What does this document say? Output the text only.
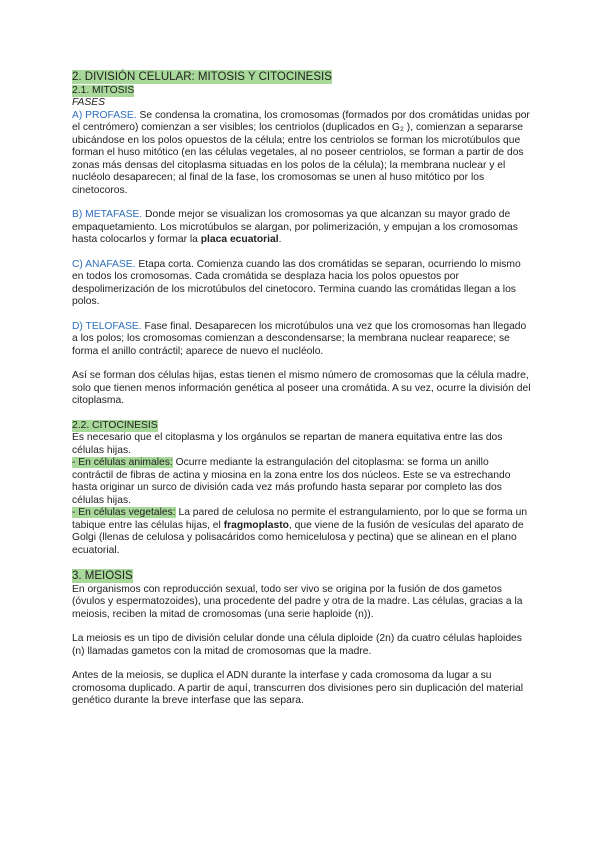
2. DIVISIÓN CELULAR: MITOSIS Y CITOCINESIS
2.1. MITOSIS
FASES

A) PROFASE. Se condensa la cromatina, los cromosomas (formados por dos cromátidas unidas por el centrómero) comienzan a ser visibles; los centriolos (duplicados en G₂ ), comienzan a separarse ubicándose en los polos opuestos de la célula; entre los centriolos se forman los microtúbulos que forman el huso mitótico (en las células vegetales, al no poseer centriolos, se forman a partir de dos zonas más densas del citoplasma situadas en los polos de la célula); la membrana nuclear y el nucléolo desaparecen; al final de la fase, los cromosomas se unen al huso mitótico por los cinetocoros.

B) METAFASE. Donde mejor se visualizan los cromosomas ya que alcanzan su mayor grado de empaquetamiento. Los microtúbulos se alargan, por polimerización, y empujan a los cromosomas hasta colocarlos y formar la placa ecuatorial.

C) ANAFASE. Etapa corta. Comienza cuando las dos cromátidas se separan, ocurriendo lo mismo en todos los cromosomas. Cada cromátida se desplaza hacia los polos opuestos por despolimerización de los microtúbulos del cinetocoro. Termina cuando las cromátidas llegan a los polos.

D) TELOFASE. Fase final. Desaparecen los microtúbulos una vez que los cromosomas han llegado a los polos; los cromosomas comienzan a descondensarse; la membrana nuclear reaparece; se forma el anillo contráctil; aparece de nuevo el nucléolo.

Así se forman dos células hijas, estas tienen el mismo número de cromosomas que la célula madre, solo que tienen menos información genética al poseer una cromátida. A su vez, ocurre la división del citoplasma.

2.2. CITOCINESIS

Es necesario que el citoplasma y los orgánulos se repartan de manera equitativa entre las dos células hijas.

- En células animales: Ocurre mediante la estrangulación del citoplasma: se forma un anillo contráctil de fibras de actina y miosina en la zona entre los dos núcleos. Este se va estrechando hasta originar un surco de división cada vez más profundo hasta separar por completo las dos células hijas.

- En células vegetales: La pared de celulosa no permite el estrangulamiento, por lo que se forma un tabique entre las células hijas, el fragmoplasto, que viene de la fusión de vesículas del aparato de Golgi (llenas de celulosa y polisacáridos como hemicelulosa y pectina) que se alinean en el plano ecuatorial.

3. MEIOSIS

En organismos con reproducción sexual, todo ser vivo se origina por la fusión de dos gametos (óvulos y espermatozoides), una procedente del padre y otra de la madre. Las células, gracias a la meiosis, reciben la mitad de cromosomas (una serie haploide (n)).

La meiosis es un tipo de división celular donde una célula diploide (2n) da cuatro células haploides (n) llamadas gametos con la mitad de cromosomas que la madre.

Antes de la meiosis, se duplica el ADN durante la interfase y cada cromosoma da lugar a su cromosoma duplicado. A partir de aquí, transcurren dos divisiones pero sin duplicación del material genético durante la breve interfase que las separa.
